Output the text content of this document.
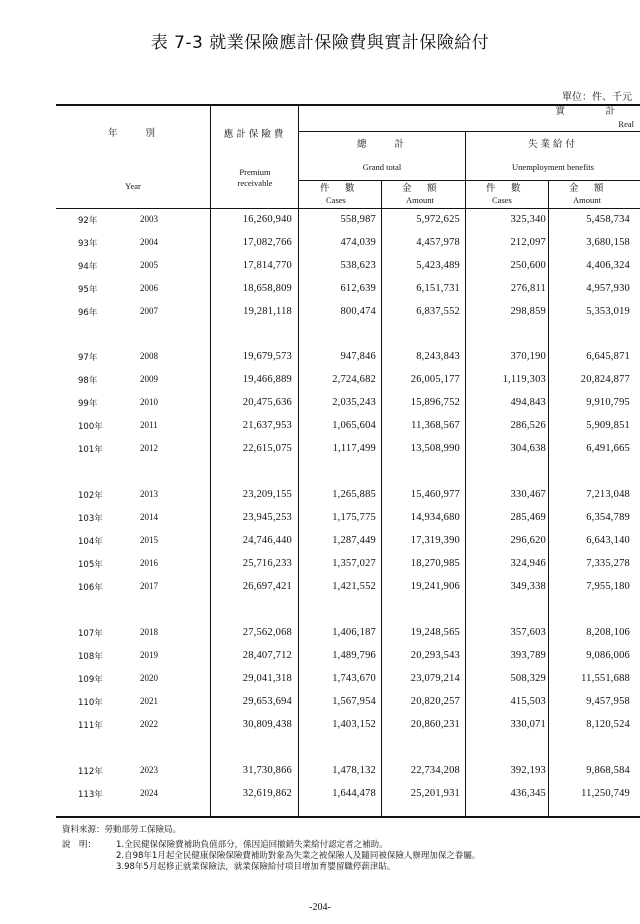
表 7-3 就業保險應計保險費與實計保險給付
單位：件、千元
年　　別
Year
應計保險費
Premium
receivable
實　　　計
Real
總　　計
Grand total
失業給付
Unemployment benefits
件　數
Cases
金　額
Amount
件　數
Cases
金　額
Amount
92年	2003	16,260,940	558,987	5,972,625	325,340	5,458,734
93年	2004	17,082,766	474,039	4,457,978	212,097	3,680,158
94年	2005	17,814,770	538,623	5,423,489	250,600	4,406,324
95年	2006	18,658,809	612,639	6,151,731	276,811	4,957,930
96年	2007	19,281,118	800,474	6,837,552	298,859	5,353,019
97年	2008	19,679,573	947,846	8,243,843	370,190	6,645,871
98年	2009	19,466,889	2,724,682	26,005,177	1,119,303	20,824,877
99年	2010	20,475,636	2,035,243	15,896,752	494,843	9,910,795
100年	2011	21,637,953	1,065,604	11,368,567	286,526	5,909,851
101年	2012	22,615,075	1,117,499	13,508,990	304,638	6,491,665
102年	2013	23,209,155	1,265,885	15,460,977	330,467	7,213,048
103年	2014	23,945,253	1,175,775	14,934,680	285,469	6,354,789
104年	2015	24,746,440	1,287,449	17,319,390	296,620	6,643,140
105年	2016	25,716,233	1,357,027	18,270,985	324,946	7,335,278
106年	2017	26,697,421	1,421,552	19,241,906	349,338	7,955,180
107年	2018	27,562,068	1,406,187	19,248,565	357,603	8,208,106
108年	2019	28,407,712	1,489,796	20,293,543	393,789	9,086,006
109年	2020	29,041,318	1,743,670	23,079,214	508,329	11,551,688
110年	2021	29,653,694	1,567,954	20,820,257	415,503	9,457,958
111年	2022	30,809,438	1,403,152	20,860,231	330,071	8,120,524
112年	2023	31,730,866	1,478,132	22,734,208	392,193	9,868,584
113年	2024	32,619,862	1,644,478	25,201,931	436,345	11,250,749
資料來源：勞動部勞工保險局。
說　明： 1.全民健保保險費補助負值部分，係因追回撤銷失業給付認定者之補助。
2.自98年1月起全民健康保險保險費補助對象為失業之被保險人及隨同被保險人辦理加保之眷屬。
3.98年5月起修正就業保險法，就業保險給付項目增加育嬰留職停薪津貼。
-204-
